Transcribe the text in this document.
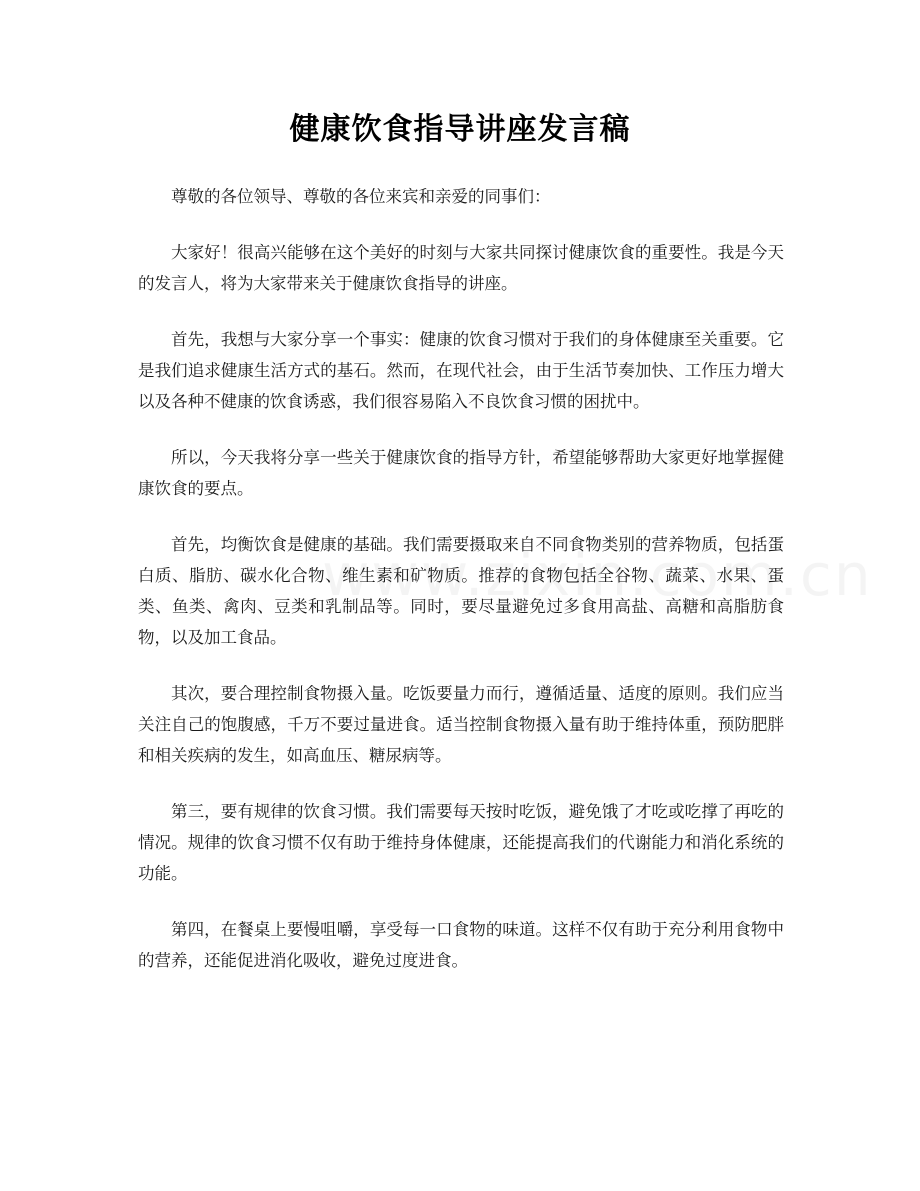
健康饮食指导讲座发言稿

尊敬的各位领导、尊敬的各位来宾和亲爱的同事们：

大家好！很高兴能够在这个美好的时刻与大家共同探讨健康饮食的重要性。我是今天的发言人，将为大家带来关于健康饮食指导的讲座。

首先，我想与大家分享一个事实：健康的饮食习惯对于我们的身体健康至关重要。它是我们追求健康生活方式的基石。然而，在现代社会，由于生活节奏加快、工作压力增大以及各种不健康的饮食诱惑，我们很容易陷入不良饮食习惯的困扰中。

所以，今天我将分享一些关于健康饮食的指导方针，希望能够帮助大家更好地掌握健康饮食的要点。

首先，均衡饮食是健康的基础。我们需要摄取来自不同食物类别的营养物质，包括蛋白质、脂肪、碳水化合物、维生素和矿物质。推荐的食物包括全谷物、蔬菜、水果、蛋类、鱼类、禽肉、豆类和乳制品等。同时，要尽量避免过多食用高盐、高糖和高脂肪食物，以及加工食品。

其次，要合理控制食物摄入量。吃饭要量力而行，遵循适量、适度的原则。我们应当关注自己的饱腹感，千万不要过量进食。适当控制食物摄入量有助于维持体重，预防肥胖和相关疾病的发生，如高血压、糖尿病等。

第三，要有规律的饮食习惯。我们需要每天按时吃饭，避免饿了才吃或吃撑了再吃的情况。规律的饮食习惯不仅有助于维持身体健康，还能提高我们的代谢能力和消化系统的功能。

第四，在餐桌上要慢咀嚼，享受每一口食物的味道。这样不仅有助于充分利用食物中的营养，还能促进消化吸收，避免过度进食。
